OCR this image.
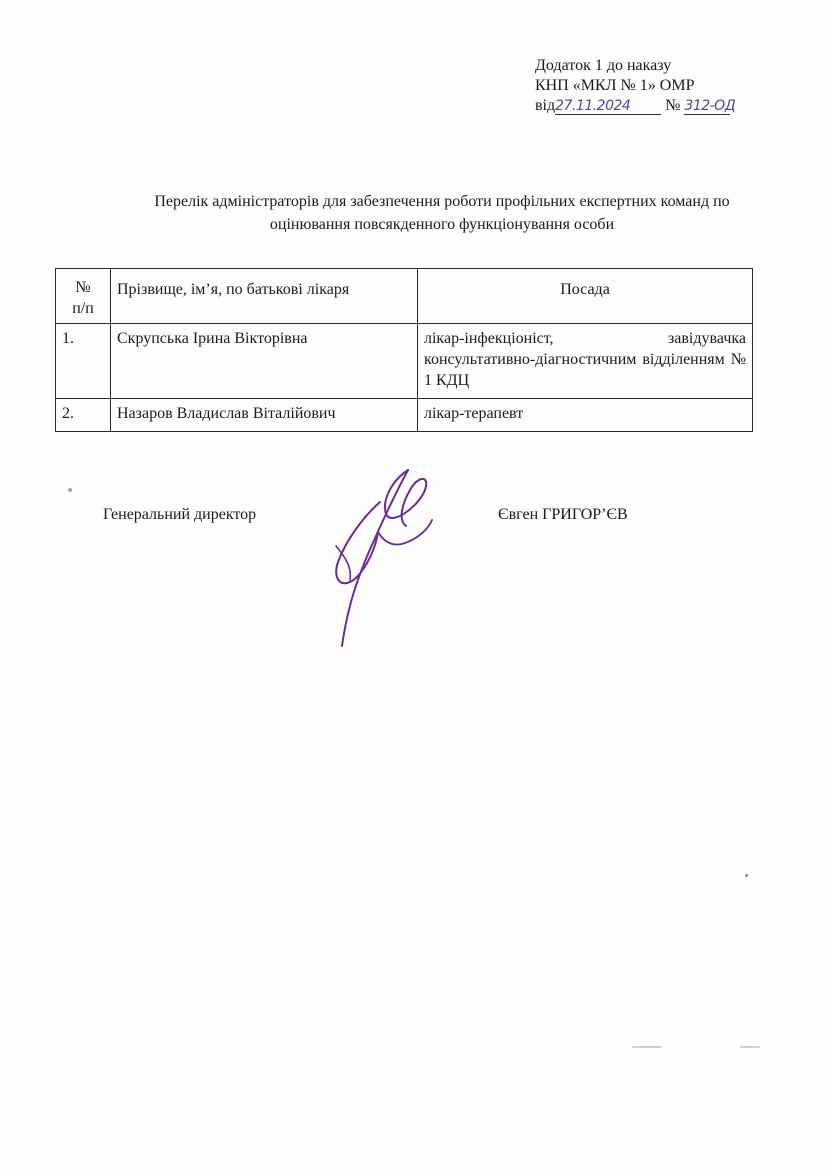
Додаток 1 до наказу
КНП «МКЛ № 1» ОМР
від27.11.2024 № 312-ОД
Перелік адміністраторів для забезпечення роботи профільних експертних команд по
оцінювання повсякденного функціонування особи
№
п/п	Прізвище, ім’я, по батькові лікаря	Посада
1.	Скрупська Ірина Вікторівна	лікар-інфекціоніст, завідувачка консультативно-діагностичним відділенням № 1 КДЦ
2.	Назаров Владислав Віталійович	лікар-терапевт
Генеральний директор	Євген ГРИГОР’ЄВ
